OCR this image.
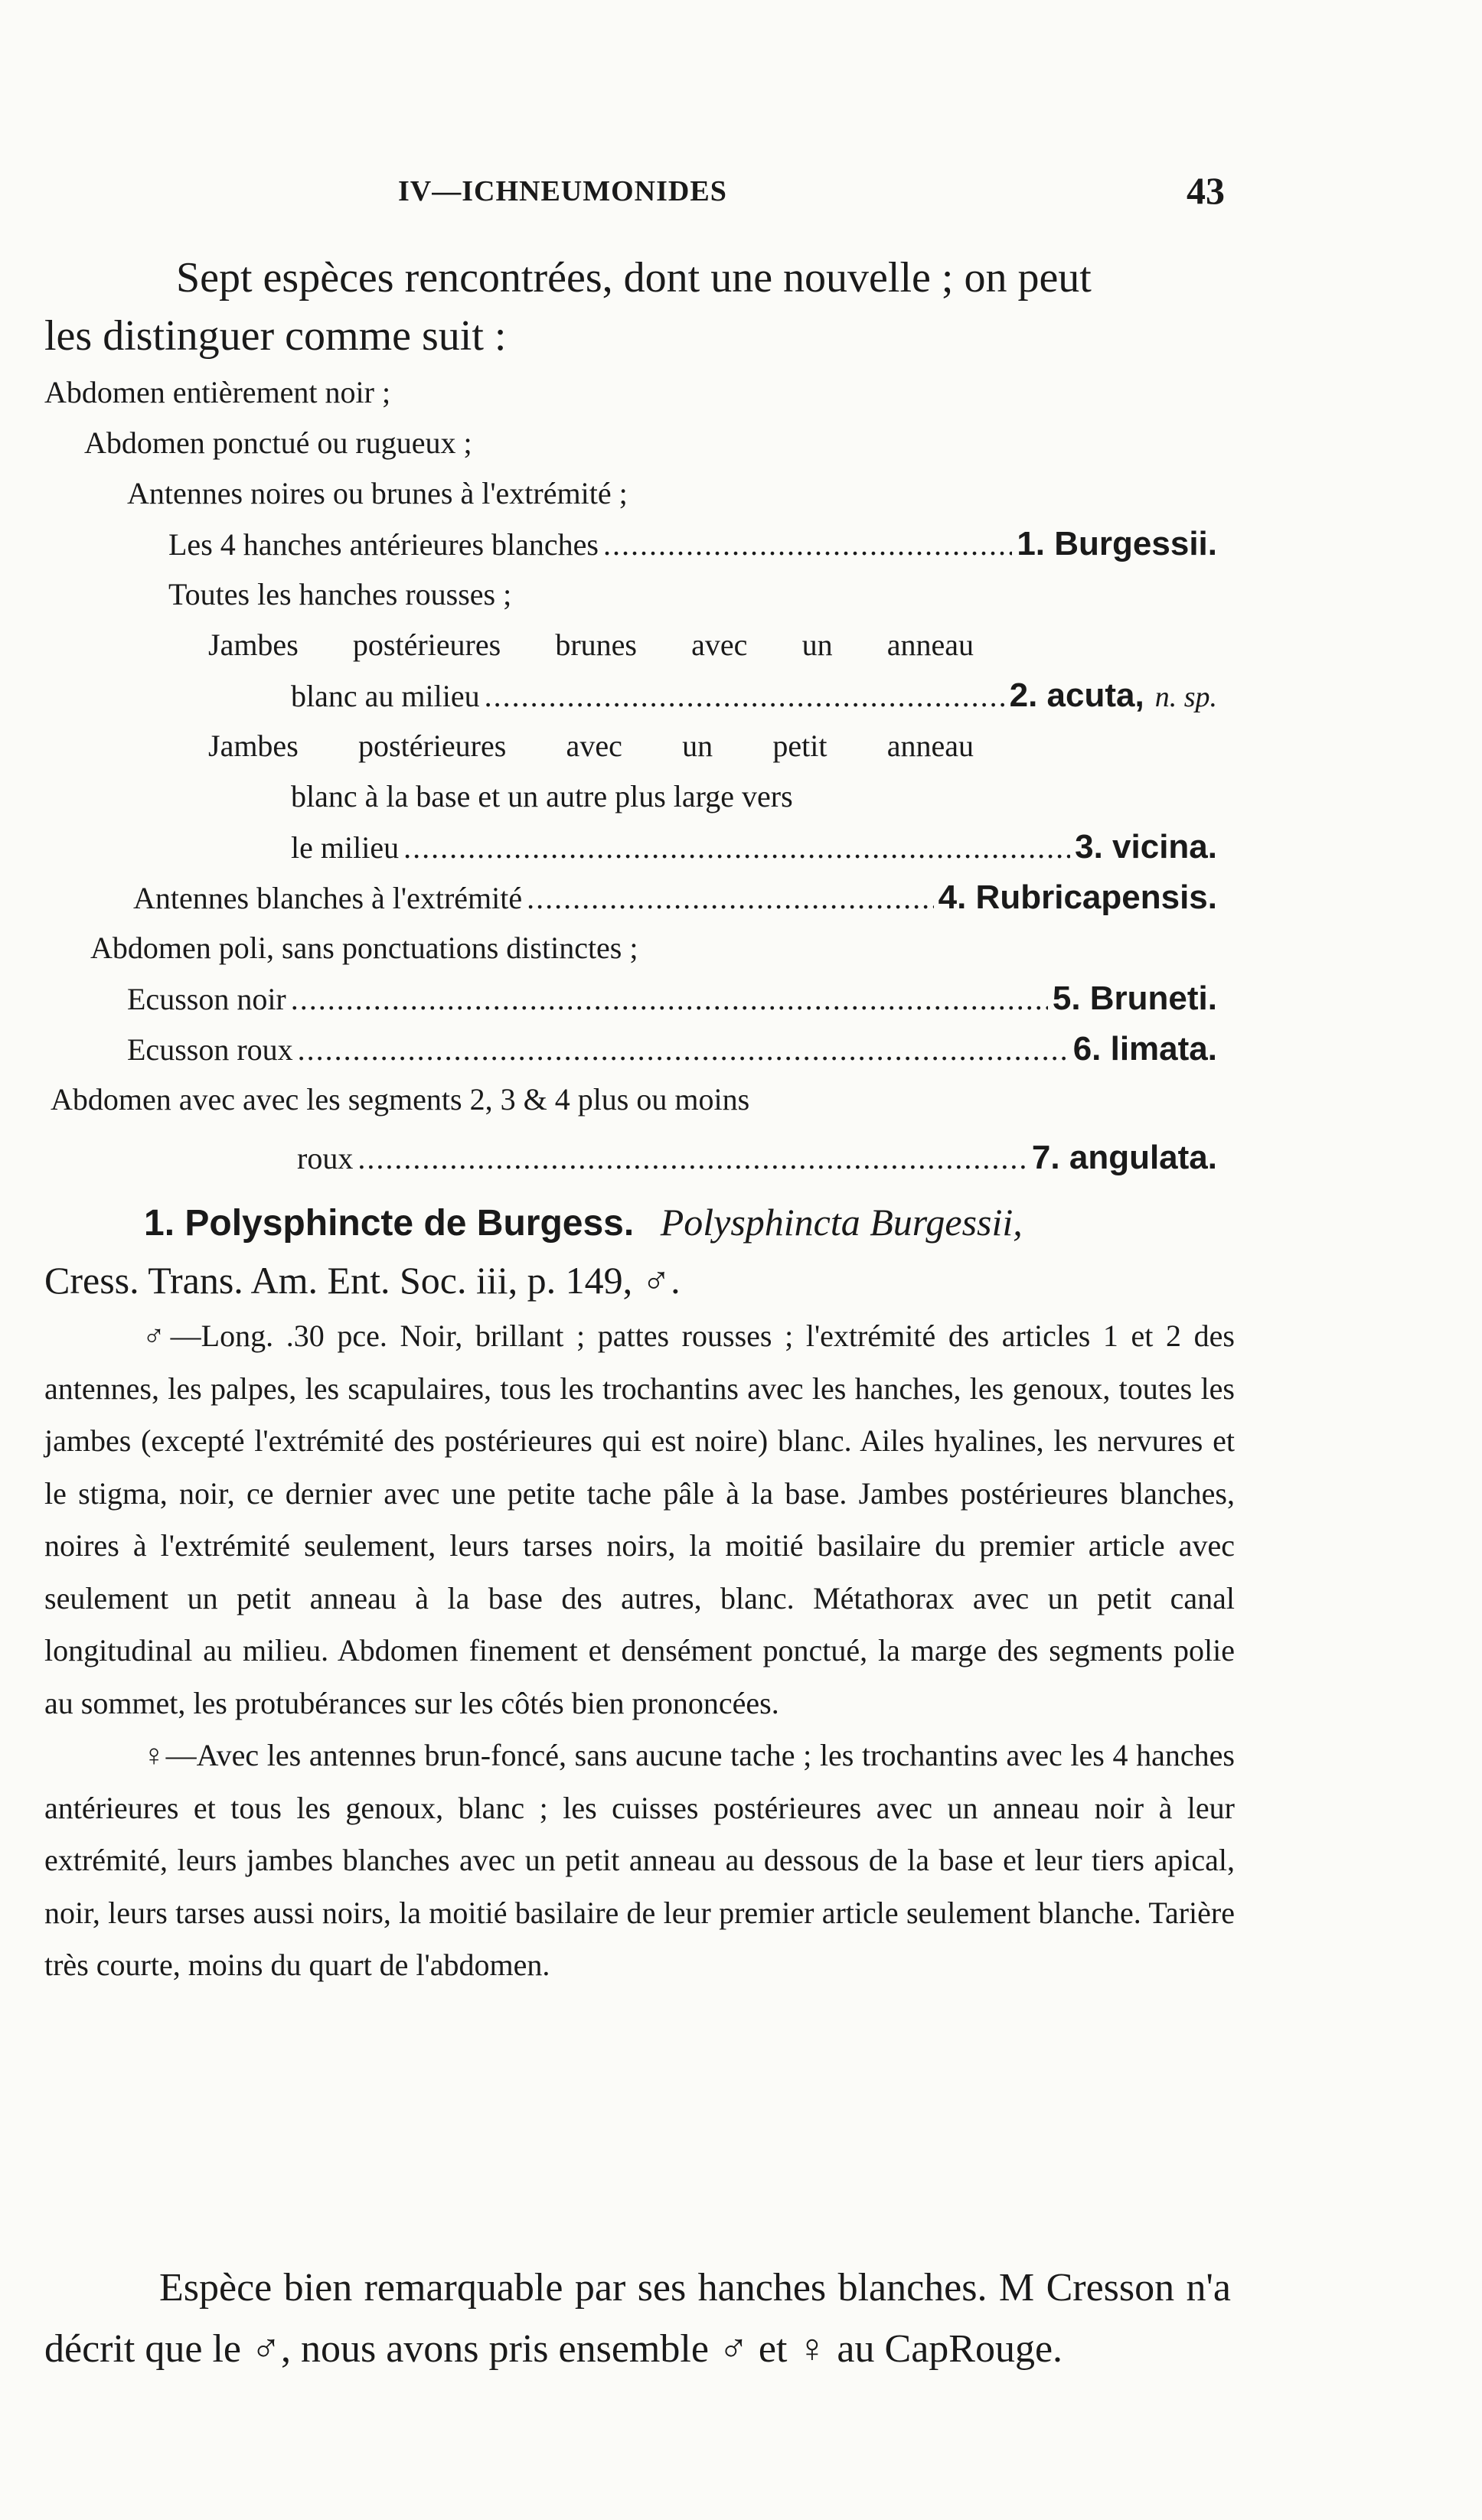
IV—ICHNEUMONIDES	43
Sept espèces rencontrées, dont une nouvelle ; on peut
les distinguer comme suit :
Abdomen entièrement noir ;
Abdomen ponctué ou rugueux ;
Antennes noires ou brunes à l'extrémité ;
Les 4 hanches antérieures blanches .....	1. Burgessii.
Toutes les hanches rousses ;
Jambes postérieures brunes avec un anneau
blanc au milieu .....	2. acuta, n. sp.
Jambes postérieures avec un petit anneau
blanc à la base et un autre plus large vers
le milieu .....	3. vicina.
Antennes blanches à l'extrémité .....	4. Rubricapensis.
Abdomen poli, sans ponctuations distinctes ;
Ecusson noir .....	5. Bruneti.
Ecusson roux .....	6. limata.
Abdomen avec avec les segments 2, 3 & 4 plus ou moins
roux .....	7. angulata.
1. Polysphincte de Burgess. Polysphincta Burgessii,
Cress. Trans. Am. Ent. Soc. iii, p. 149, ♂.

♂—Long. .30 pce. Noir, brillant ; pattes rousses ; l'extrémité des articles 1 et 2 des antennes, les palpes, les scapulaires, tous les trochantins avec les hanches, les genoux, toutes les jambes (excepté l'extrémité des postérieures qui est noire) blanc. Ailes hyalines, les nervures et le stigma, noir, ce dernier avec une petite tache pâle à la base. Jambes postérieures blanches, noires à l'extrémité seulement, leurs tarses noirs, la moitié basilaire du premier article avec seulement un petit anneau à la base des autres, blanc. Métathorax avec un petit canal longitudinal au milieu. Abdomen finement et densément ponctué, la marge des segments polie au sommet, les protubérances sur les côtés bien prononcées.

♀—Avec les antennes brun-foncé, sans aucune tache ; les trochantins avec les 4 hanches antérieures et tous les genoux, blanc ; les cuisses postérieures avec un anneau noir à leur extrémité, leurs jambes blanches avec un petit anneau au dessous de la base et leur tiers apical, noir, leurs tarses aussi noirs, la moitié basilaire de leur premier article seulement blanche. Tarière très courte, moins du quart de l'abdomen.

Espèce bien remarquable par ses hanches blanches. M Cresson n'a décrit que le ♂, nous avons pris ensemble ♂ et ♀ au CapRouge.
